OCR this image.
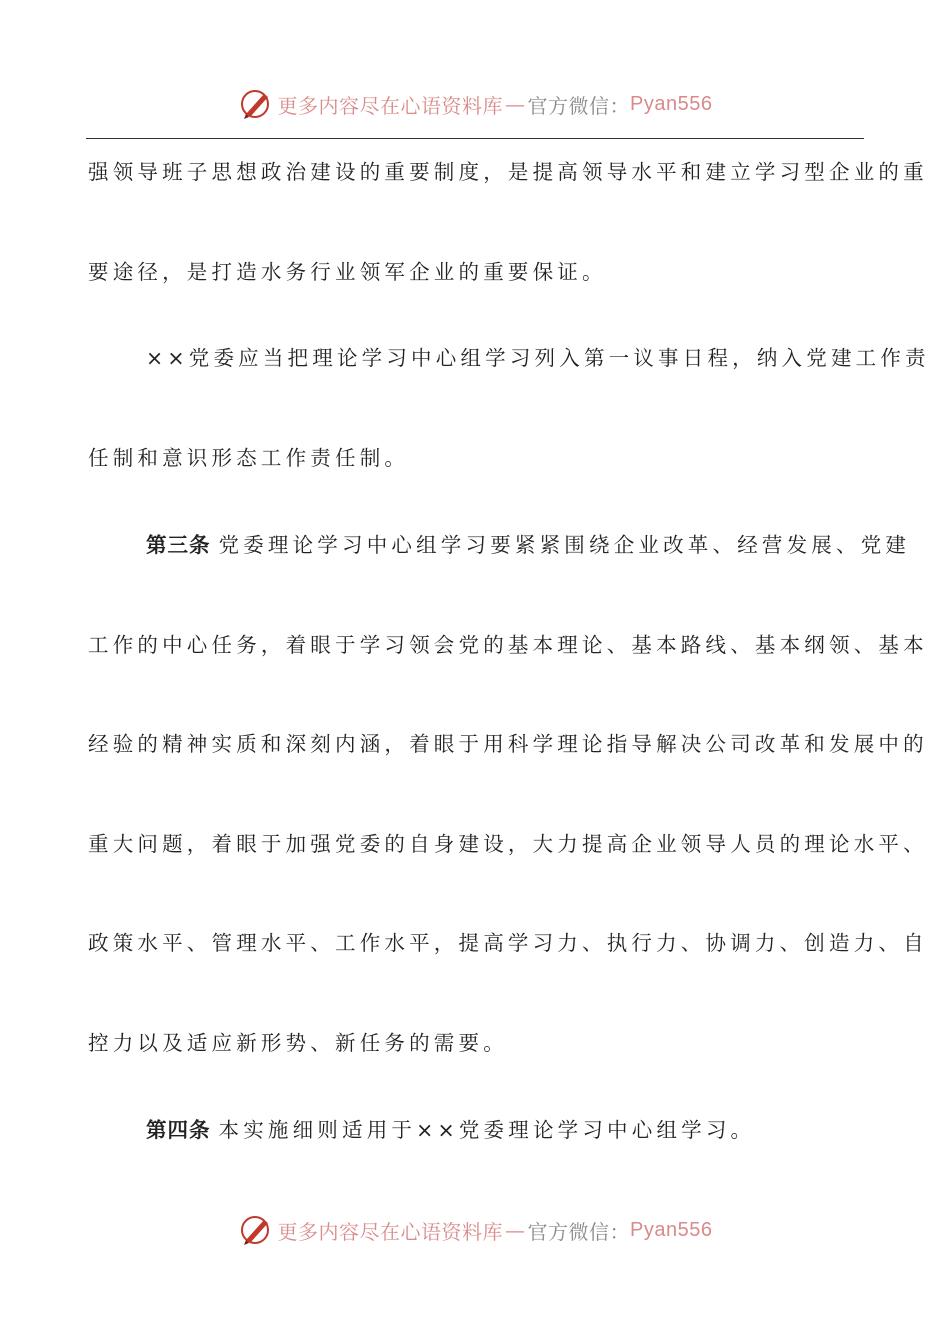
更多内容尽在心语资料库 — 官方微信： Pyan556
强领导班子思想政治建设的重要制度，是提高领导水平和建立学习型企业的重
要途径，是打造水务行业领军企业的重要保证。
××党委应当把理论学习中心组学习列入第一议事日程，纳入党建工作责
任制和意识形态工作责任制。
第三条 党委理论学习中心组学习要紧紧围绕企业改革、经营发展、党建
工作的中心任务，着眼于学习领会党的基本理论、基本路线、基本纲领、基本
经验的精神实质和深刻内涵，着眼于用科学理论指导解决公司改革和发展中的
重大问题，着眼于加强党委的自身建设，大力提高企业领导人员的理论水平、
政策水平、管理水平、工作水平，提高学习力、执行力、协调力、创造力、自
控力以及适应新形势、新任务的需要。
第四条 本实施细则适用于××党委理论学习中心组学习。
更多内容尽在心语资料库 — 官方微信： Pyan556
